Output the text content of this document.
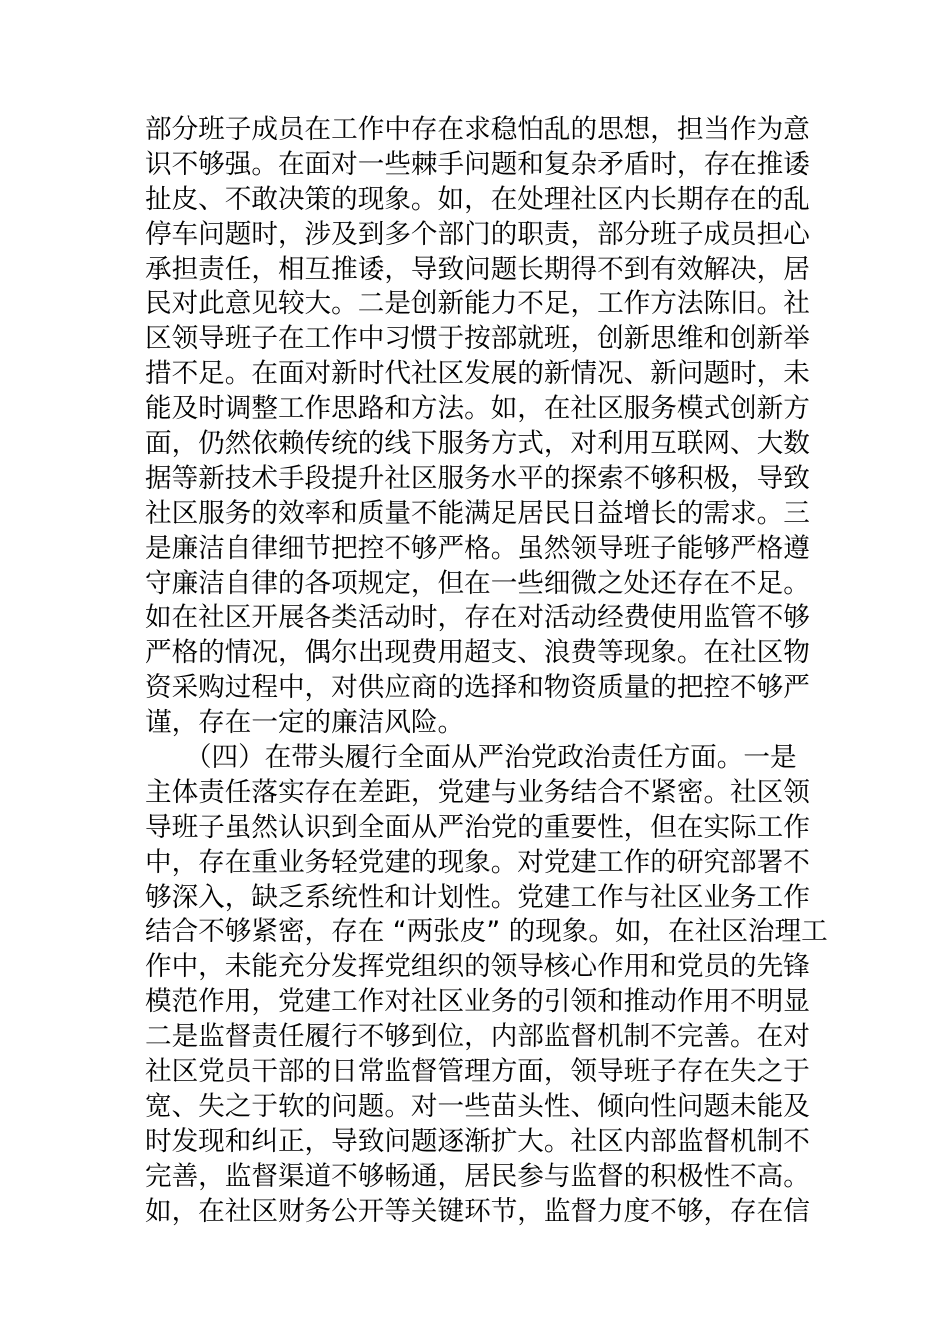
部分班子成员在工作中存在求稳怕乱的思想，担当作为意
识不够强。在面对一些棘手问题和复杂矛盾时，存在推诿
扯皮、不敢决策的现象。如，在处理社区内长期存在的乱
停车问题时，涉及到多个部门的职责，部分班子成员担心
承担责任，相互推诿，导致问题长期得不到有效解决，居
民对此意见较大。二是创新能力不足，工作方法陈旧。社
区领导班子在工作中习惯于按部就班，创新思维和创新举
措不足。在面对新时代社区发展的新情况、新问题时，未
能及时调整工作思路和方法。如，在社区服务模式创新方
面，仍然依赖传统的线下服务方式，对利用互联网、大数
据等新技术手段提升社区服务水平的探索不够积极，导致
社区服务的效率和质量不能满足居民日益增长的需求。三
是廉洁自律细节把控不够严格。虽然领导班子能够严格遵
守廉洁自律的各项规定，但在一些细微之处还存在不足。
如在社区开展各类活动时，存在对活动经费使用监管不够
严格的情况，偶尔出现费用超支、浪费等现象。在社区物
资采购过程中，对供应商的选择和物资质量的把控不够严
谨，存在一定的廉洁风险。
　　（四）在带头履行全面从严治党政治责任方面。一是
主体责任落实存在差距，党建与业务结合不紧密。社区领
导班子虽然认识到全面从严治党的重要性，但在实际工作
中，存在重业务轻党建的现象。对党建工作的研究部署不
够深入，缺乏系统性和计划性。党建工作与社区业务工作
结合不够紧密，存在 “两张皮” 的现象。如，在社区治理工
作中，未能充分发挥党组织的领导核心作用和党员的先锋
模范作用，党建工作对社区业务的引领和推动作用不明显
二是监督责任履行不够到位，内部监督机制不完善。在对
社区党员干部的日常监督管理方面，领导班子存在失之于
宽、失之于软的问题。对一些苗头性、倾向性问题未能及
时发现和纠正，导致问题逐渐扩大。社区内部监督机制不
完善，监督渠道不够畅通，居民参与监督的积极性不高。
如，在社区财务公开等关键环节，监督力度不够，存在信
